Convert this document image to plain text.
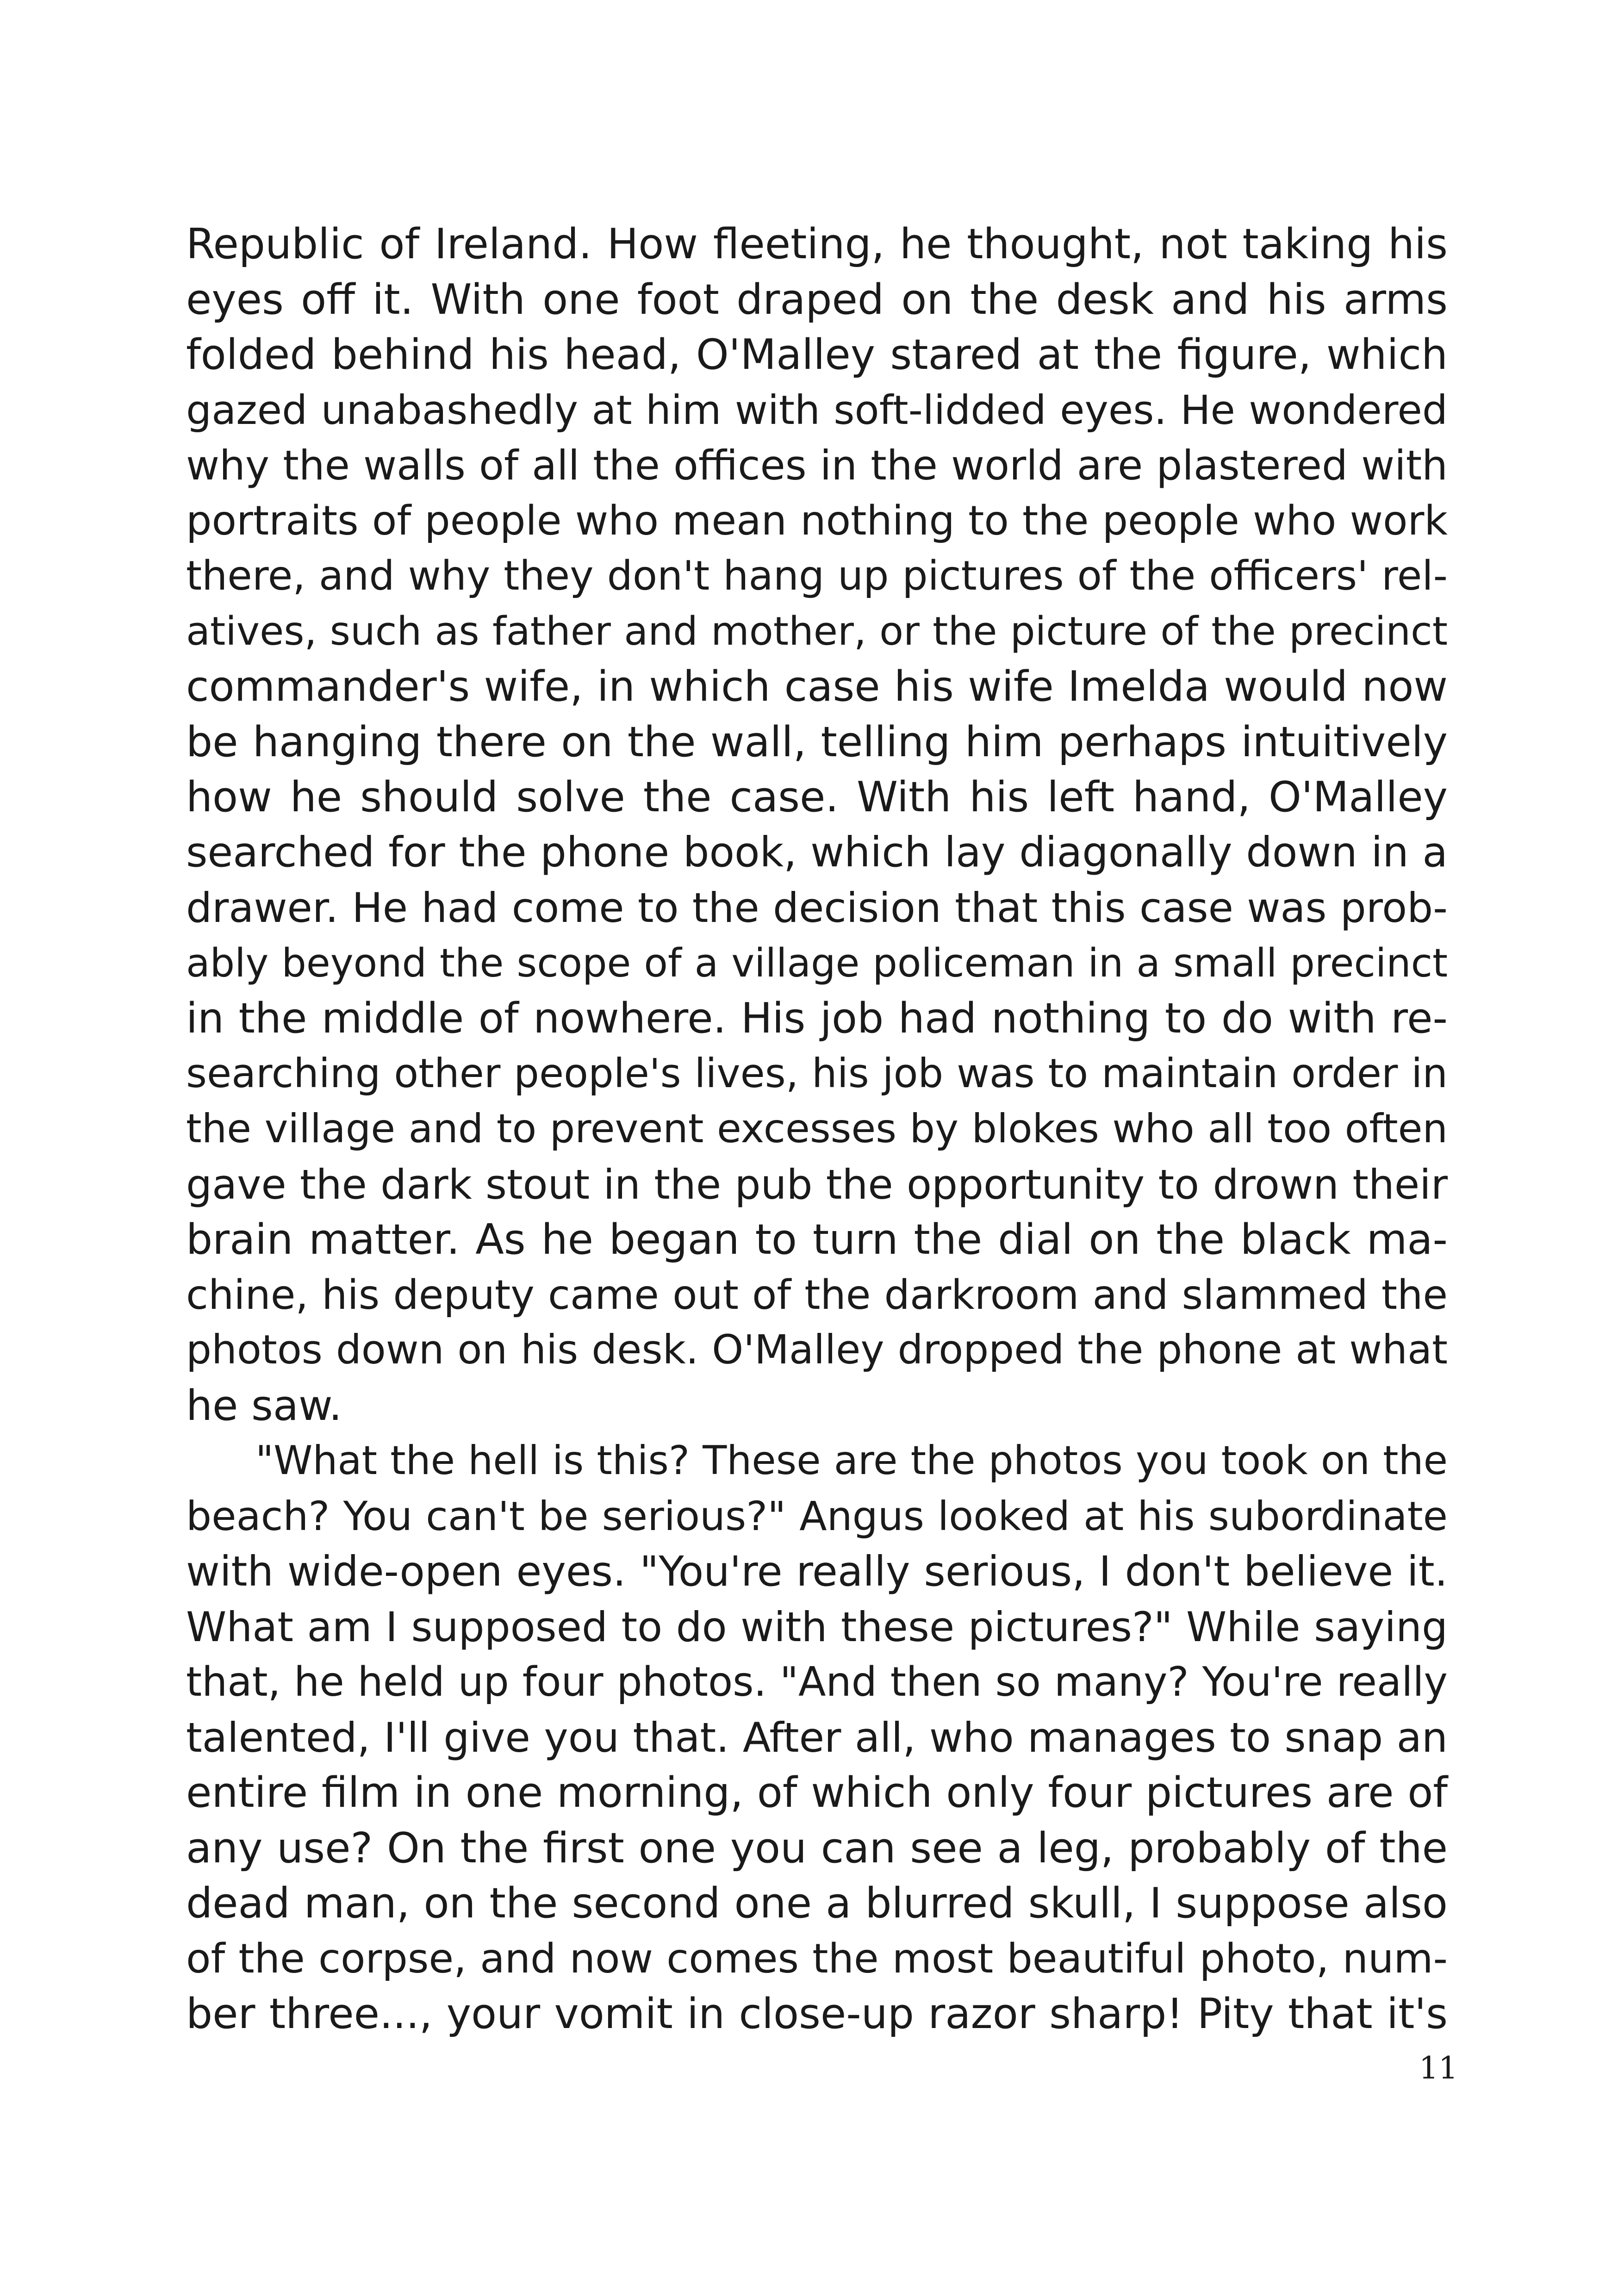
Republic of Ireland. How fleeting, he thought, not taking his
eyes off it. With one foot draped on the desk and his arms
folded behind his head, O'Malley stared at the figure, which
gazed unabashedly at him with soft-lidded eyes. He wondered
why the walls of all the offices in the world are plastered with
portraits of people who mean nothing to the people who work
there, and why they don't hang up pictures of the officers' rel-
atives, such as father and mother, or the picture of the precinct
commander's wife, in which case his wife Imelda would now
be hanging there on the wall, telling him perhaps intuitively
how he should solve the case. With his left hand, O'Malley
searched for the phone book, which lay diagonally down in a
drawer. He had come to the decision that this case was prob-
ably beyond the scope of a village policeman in a small precinct
in the middle of nowhere. His job had nothing to do with re-
searching other people's lives, his job was to maintain order in
the village and to prevent excesses by blokes who all too often
gave the dark stout in the pub the opportunity to drown their
brain matter. As he began to turn the dial on the black ma-
chine, his deputy came out of the darkroom and slammed the
photos down on his desk. O'Malley dropped the phone at what
he saw.
"What the hell is this? These are the photos you took on the
beach? You can't be serious?" Angus looked at his subordinate
with wide-open eyes. "You're really serious, I don't believe it.
What am I supposed to do with these pictures?" While saying
that, he held up four photos. "And then so many? You're really
talented, I'll give you that. After all, who manages to snap an
entire film in one morning, of which only four pictures are of
any use? On the first one you can see a leg, probably of the
dead man, on the second one a blurred skull, I suppose also
of the corpse, and now comes the most beautiful photo, num-
ber three..., your vomit in close-up razor sharp! Pity that it's
11
